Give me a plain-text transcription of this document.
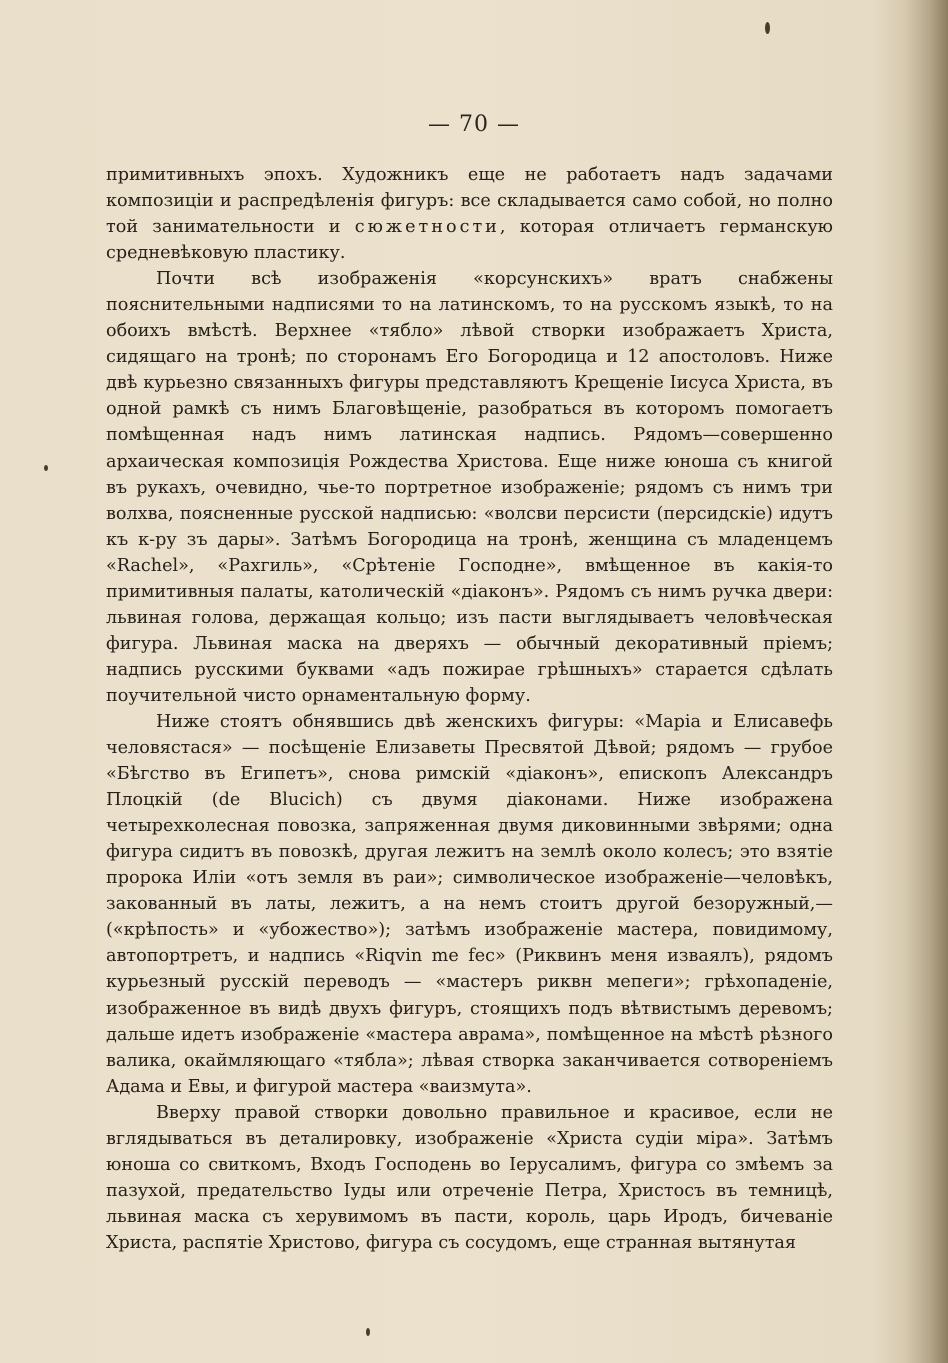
— 70 —

примитивныхъ эпохъ. Художникъ еще не работаетъ надъ задачами композиціи и распредѣленія фигуръ: все складывается само собой, но полно той занимательности и сюжетности, которая отличаетъ германскую средневѣковую пластику.

Почти всѣ изображенія «корсунскихъ» вратъ снабжены пояснительными надписями то на латинскомъ, то на русскомъ языкѣ, то на обоихъ вмѣстѣ. Верхнее «тябло» лѣвой створки изображаетъ Христа, сидящаго на тронѣ; по сторонамъ Его Богородица и 12 апостоловъ. Ниже двѣ курьезно связанныхъ фигуры представляютъ Крещеніе Іисуса Христа, въ одной рамкѣ съ нимъ Благовѣщеніе, разобраться въ которомъ помогаетъ помѣщенная надъ нимъ латинская надпись. Рядомъ—совершенно архаическая композиція Рождества Христова. Еще ниже юноша съ книгой въ рукахъ, очевидно, чье-то портретное изображеніе; рядомъ съ нимъ три волхва, поясненные русской надписью: «волсви персисти (персидскіе) идутъ къ к-ру зъ дары». Затѣмъ Богородица на тронѣ, женщина съ младенцемъ «Rachel», «Рахгиль», «Срѣтеніе Господне», вмѣщенное въ какія-то примитивныя палаты, католическій «діаконъ». Рядомъ съ нимъ ручка двери: львиная голова, держащая кольцо; изъ пасти выглядываетъ человѣческая фигура. Львиная маска на дверяхъ — обычный декоративный пріемъ; надпись русскими буквами «адъ пожирае грѣшныхъ» старается сдѣлать поучительной чисто орнаментальную форму.

Ниже стоятъ обнявшись двѣ женскихъ фигуры: «Марiа и Елисавефь человястася» — посѣщеніе Елизаветы Пресвятой Дѣвой; рядомъ — грубое «Бѣгство въ Египетъ», снова римскій «діаконъ», епископъ Александръ Плоцкій (de Blucich) съ двумя діаконами. Ниже изображена четырехколесная повозка, запряженная двумя диковинными звѣрями; одна фигура сидитъ въ повозкѣ, другая лежитъ на землѣ около колесъ; это взятіе пророка Иліи «отъ земля въ раи»; символическое изображеніе—человѣкъ, закованный въ латы, лежитъ, а на немъ стоитъ другой безоружный,— («крѣпость» и «убожество»); затѣмъ изображеніе мастера, повидимому, автопортретъ, и надпись «Riqvin me fec» (Риквинъ меня изваялъ), рядомъ курьезный русскій переводъ — «мастеръ риквн мепеги»; грѣхопаденіе, изображенное въ видѣ двухъ фигуръ, стоящихъ подъ вѣтвистымъ деревомъ; дальше идетъ изображеніе «мастера аврама», помѣщенное на мѣстѣ рѣзного валика, окаймляющаго «тябла»; лѣвая створка заканчивается сотвореніемъ Адама и Евы, и фигурой мастера «ваизмута».

Вверху правой створки довольно правильное и красивое, если не вглядываться въ деталировку, изображеніе «Христа судіи міра». Затѣмъ юноша со свиткомъ, Входъ Господень во Іерусалимъ, фигура со змѣемъ за пазухой, предательство Іуды или отреченіе Петра, Христосъ въ темницѣ, львиная маска съ херувимомъ въ пасти, король, царь Иродъ, бичеваніе Христа, распятіе Христово, фигура съ сосудомъ, еще странная вытянутая
